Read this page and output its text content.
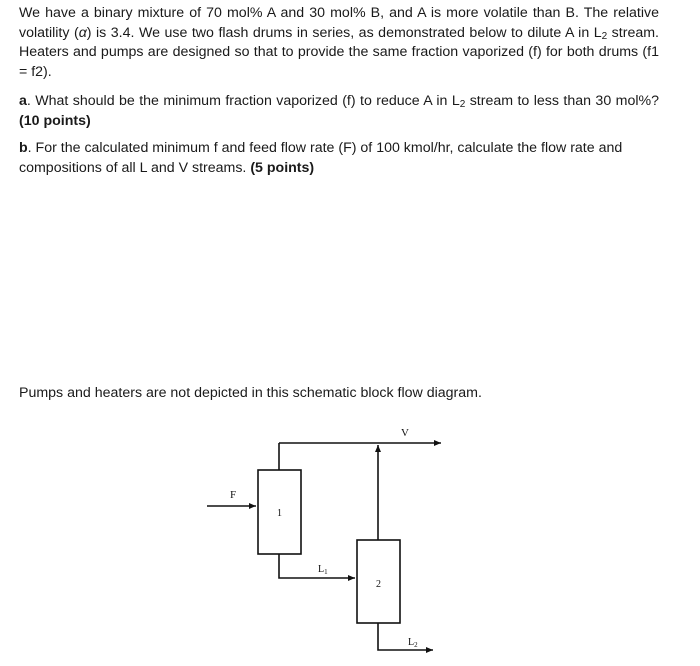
We have a binary mixture of 70 mol% A and 30 mol% B, and A is more volatile than B. The relative volatility (α) is 3.4. We use two flash drums in series, as demonstrated below to dilute A in $L_2$ stream. Heaters and pumps are designed so that to provide the same fraction vaporized (f) for both drums (f1 = f2).

a. What should be the minimum fraction vaporized (f) to reduce A in $L_2$ stream to less than 30 mol%? (10 points)

b. For the calculated minimum f and feed flow rate (F) of 100 kmol/hr, calculate the flow rate and compositions of all L and V streams. (5 points)

Pumps and heaters are not depicted in this schematic block flow diagram.

1
2
F
V
$L_1$
$L_2$
